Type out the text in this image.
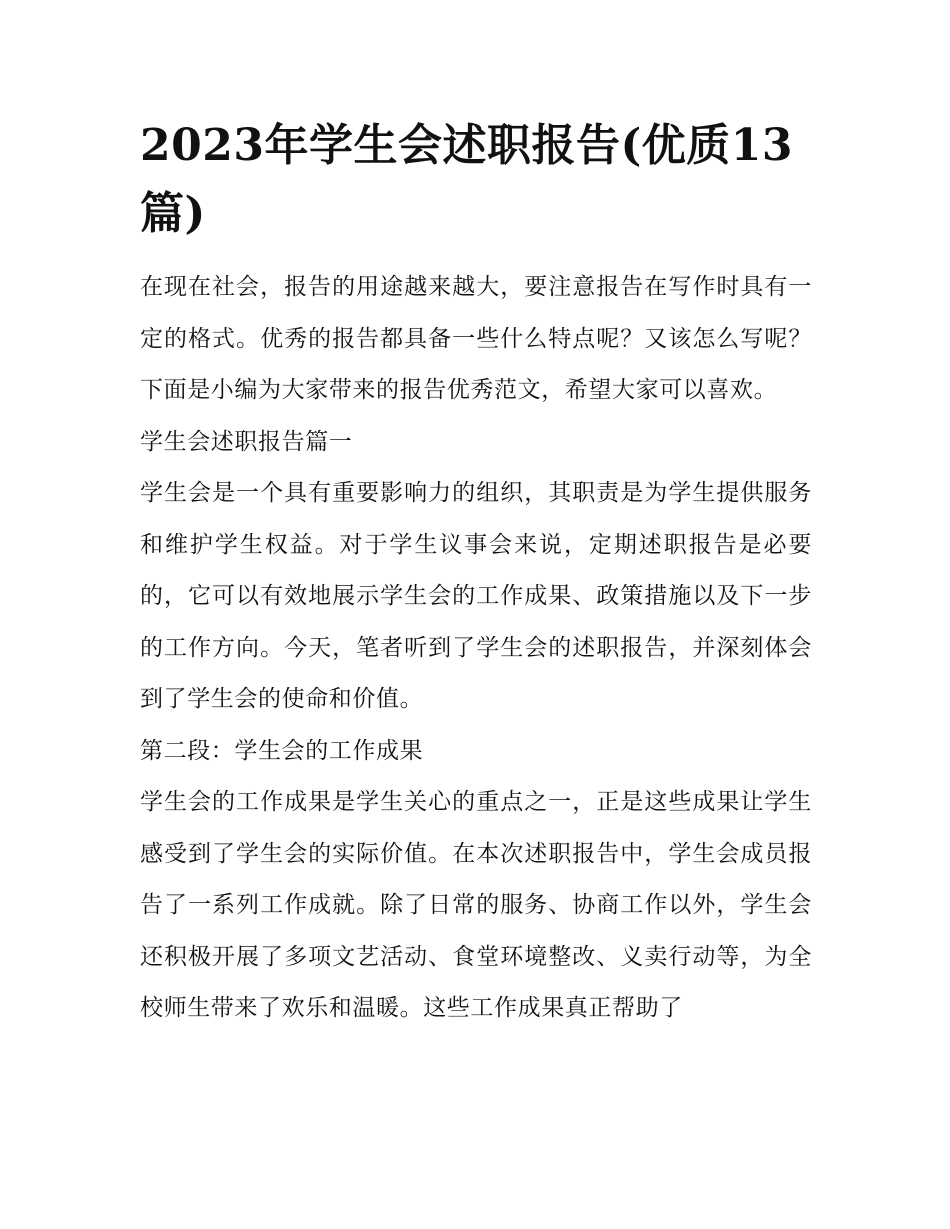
2023年学生会述职报告(优质13篇)

在现在社会，报告的用途越来越大，要注意报告在写作时具有一定的格式。优秀的报告都具备一些什么特点呢？又该怎么写呢？下面是小编为大家带来的报告优秀范文，希望大家可以喜欢。

学生会述职报告篇一

学生会是一个具有重要影响力的组织，其职责是为学生提供服务和维护学生权益。对于学生议事会来说，定期述职报告是必要的，它可以有效地展示学生会的工作成果、政策措施以及下一步的工作方向。今天，笔者听到了学生会的述职报告，并深刻体会到了学生会的使命和价值。

第二段：学生会的工作成果

学生会的工作成果是学生关心的重点之一，正是这些成果让学生感受到了学生会的实际价值。在本次述职报告中，学生会成员报告了一系列工作成就。除了日常的服务、协商工作以外，学生会还积极开展了多项文艺活动、食堂环境整改、义卖行动等，为全校师生带来了欢乐和温暖。这些工作成果真正帮助了
